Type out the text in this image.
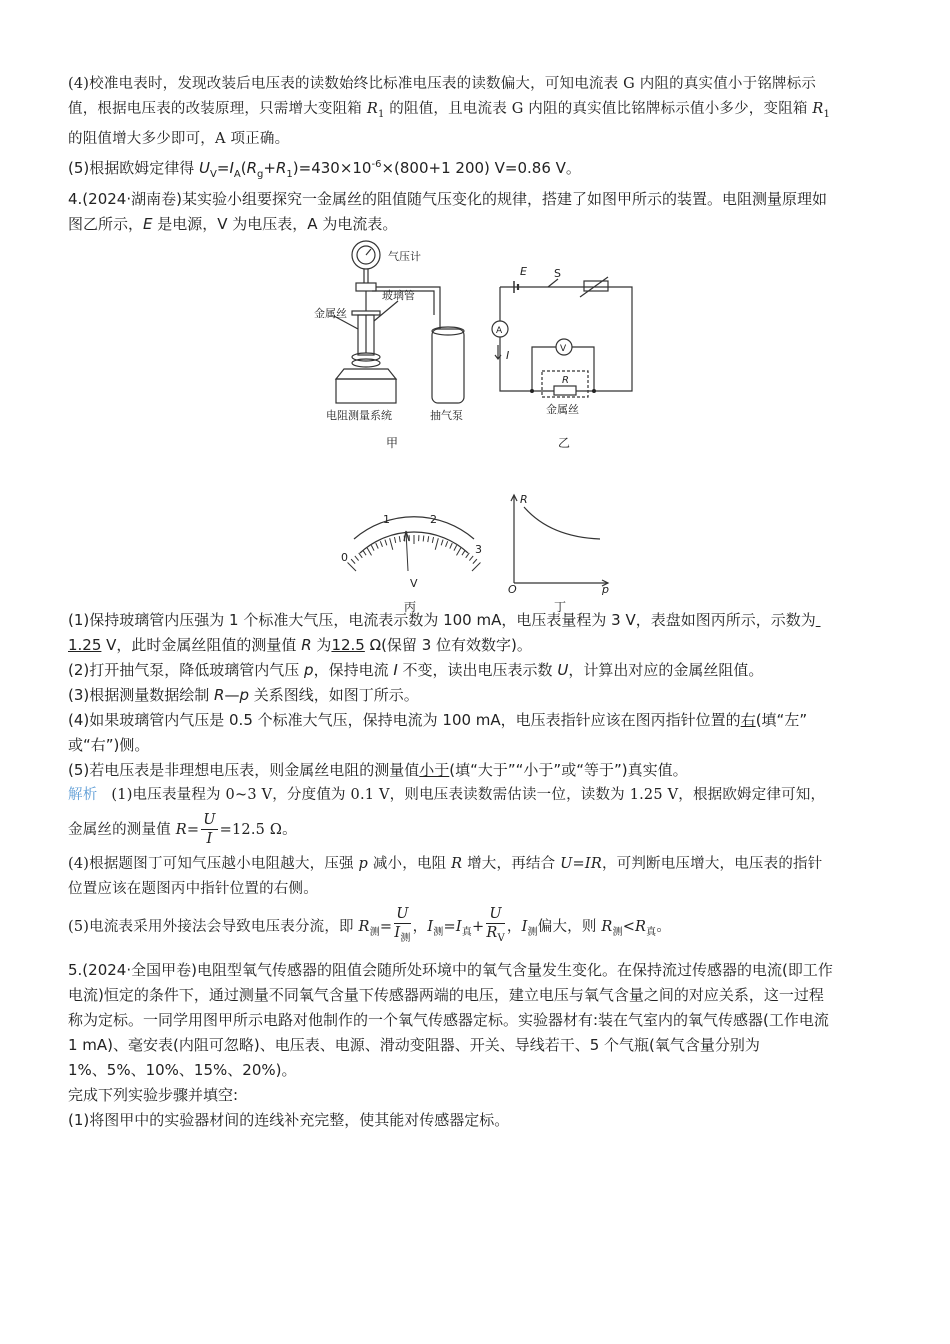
(4)校准电表时，发现改装后电压表的读数始终比标准电压表的读数偏大，可知电流表 G 内阻的真实值小于铭牌标示
值，根据电压表的改装原理，只需增大变阻箱 $R_1$ 的阻值，且电流表 G 内阻的真实值比铭牌标示值小多少，变阻箱 $R_1$
的阻值增大多少即可，A 项正确。
(5)根据欧姆定律得 $U_V=I_A(R_g+R_1)=430\times 10^{-6}\times(800+1$ 200) V=0.86 V。
4.(2024·湖南卷)某实验小组要探究一金属丝的阻值随气压变化的规律，搭建了如图甲所示的装置。电阻测量原理如
图乙所示，E 是电源，V 为电压表，A 为电流表。
气压计
金属丝
玻璃管
电阻测量系统	抽气泵
甲
E S
A
V
I
R
金属丝
乙
0
1	2
3
V
丙
R
p
O
丁
(1)保持玻璃管内压强为 1 个标准大气压，电流表示数为 100 mA，电压表量程为 3 V，表盘如图丙所示，示数为
1.25 V，此时金属丝阻值的测量值 R 为12.5 Ω(保留 3 位有效数字)。
(2)打开抽气泵，降低玻璃管内气压 p，保持电流 I 不变，读出电压表示数 U，计算出对应的金属丝阻值。
(3)根据测量数据绘制 R—p 关系图线，如图丁所示。
(4)如果玻璃管内气压是 0.5 个标准大气压，保持电流为 100 mA，电压表指针应该在图丙指针位置的右(填“左”
或“右”)侧。
(5)若电压表是非理想电压表，则金属丝电阻的测量值小于(填“大于”“小于”或“等于”)真实值。
解析 (1)电压表量程为 0~3 V，分度值为 0.1 V，则电压表读数需估读一位，读数为 1.25 V，根据欧姆定律可知，
金属丝的测量值 $R= \frac{U}{I} =12.5$ Ω。
(4)根据题图丁可知气压越小电阻越大，压强 p 减小，电阻 R 增大，再结合 U=IR，可判断电压增大，电压表的指针
位置应该在题图丙中指针位置的右侧。
(5)电流表采用外接法会导致电压表分流，即 $R_测= \frac{U}{I_测}$ ，$I_测=I_真+ \frac{U}{R_V}$ ，$I_测$偏大，则 $R_测<R_真$。
5.(2024·全国甲卷)电阻型氧气传感器的阻值会随所处环境中的氧气含量发生变化。在保持流过传感器的电流(即工作
电流)恒定的条件下，通过测量不同氧气含量下传感器两端的电压，建立电压与氧气含量之间的对应关系，这一过程
称为定标。一同学用图甲所示电路对他制作的一个氧气传感器定标。实验器材有:装在气室内的氧气传感器(工作电流
1 mA)、毫安表(内阻可忽略)、电压表、电源、滑动变阻器、开关、导线若干、5 个气瓶(氧气含量分别为
1%、5%、10%、15%、20%)。
完成下列实验步骤并填空:
(1)将图甲中的实验器材间的连线补充完整，使其能对传感器定标。
